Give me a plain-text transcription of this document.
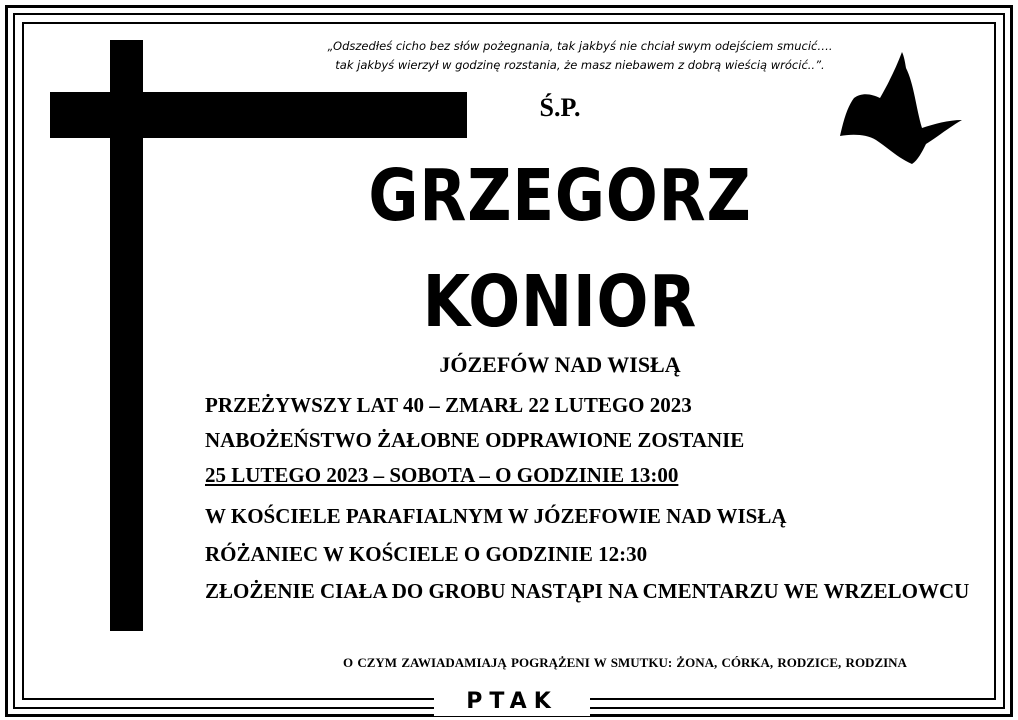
„Odszedłeś cicho bez słów pożegnania, tak jakbyś nie chciał swym odejściem smucić….
tak jakbyś wierzył w godzinę rozstania, że masz niebawem z dobrą wieścią wrócić..”.
Ś.P.
GRZEGORZ
KONIOR
JÓZEFÓW NAD WISŁĄ
PRZEŻYWSZY LAT 40 – ZMARŁ 22 LUTEGO 2023
NABOŻEŃSTWO ŻAŁOBNE ODPRAWIONE ZOSTANIE
25 LUTEGO 2023 – SOBOTA – O GODZINIE 13:00
W KOŚCIELE PARAFIALNYM W JÓZEFOWIE NAD WISŁĄ
RÓŻANIEC W KOŚCIELE O GODZINIE 12:30
ZŁOŻENIE CIAŁA DO GROBU NASTĄPI NA CMENTARZU WE WRZELOWCU
O CZYM ZAWIADAMIAJĄ POGRĄŻENI W SMUTKU: ŻONA, CÓRKA, RODZICE, RODZINA
PTAK
